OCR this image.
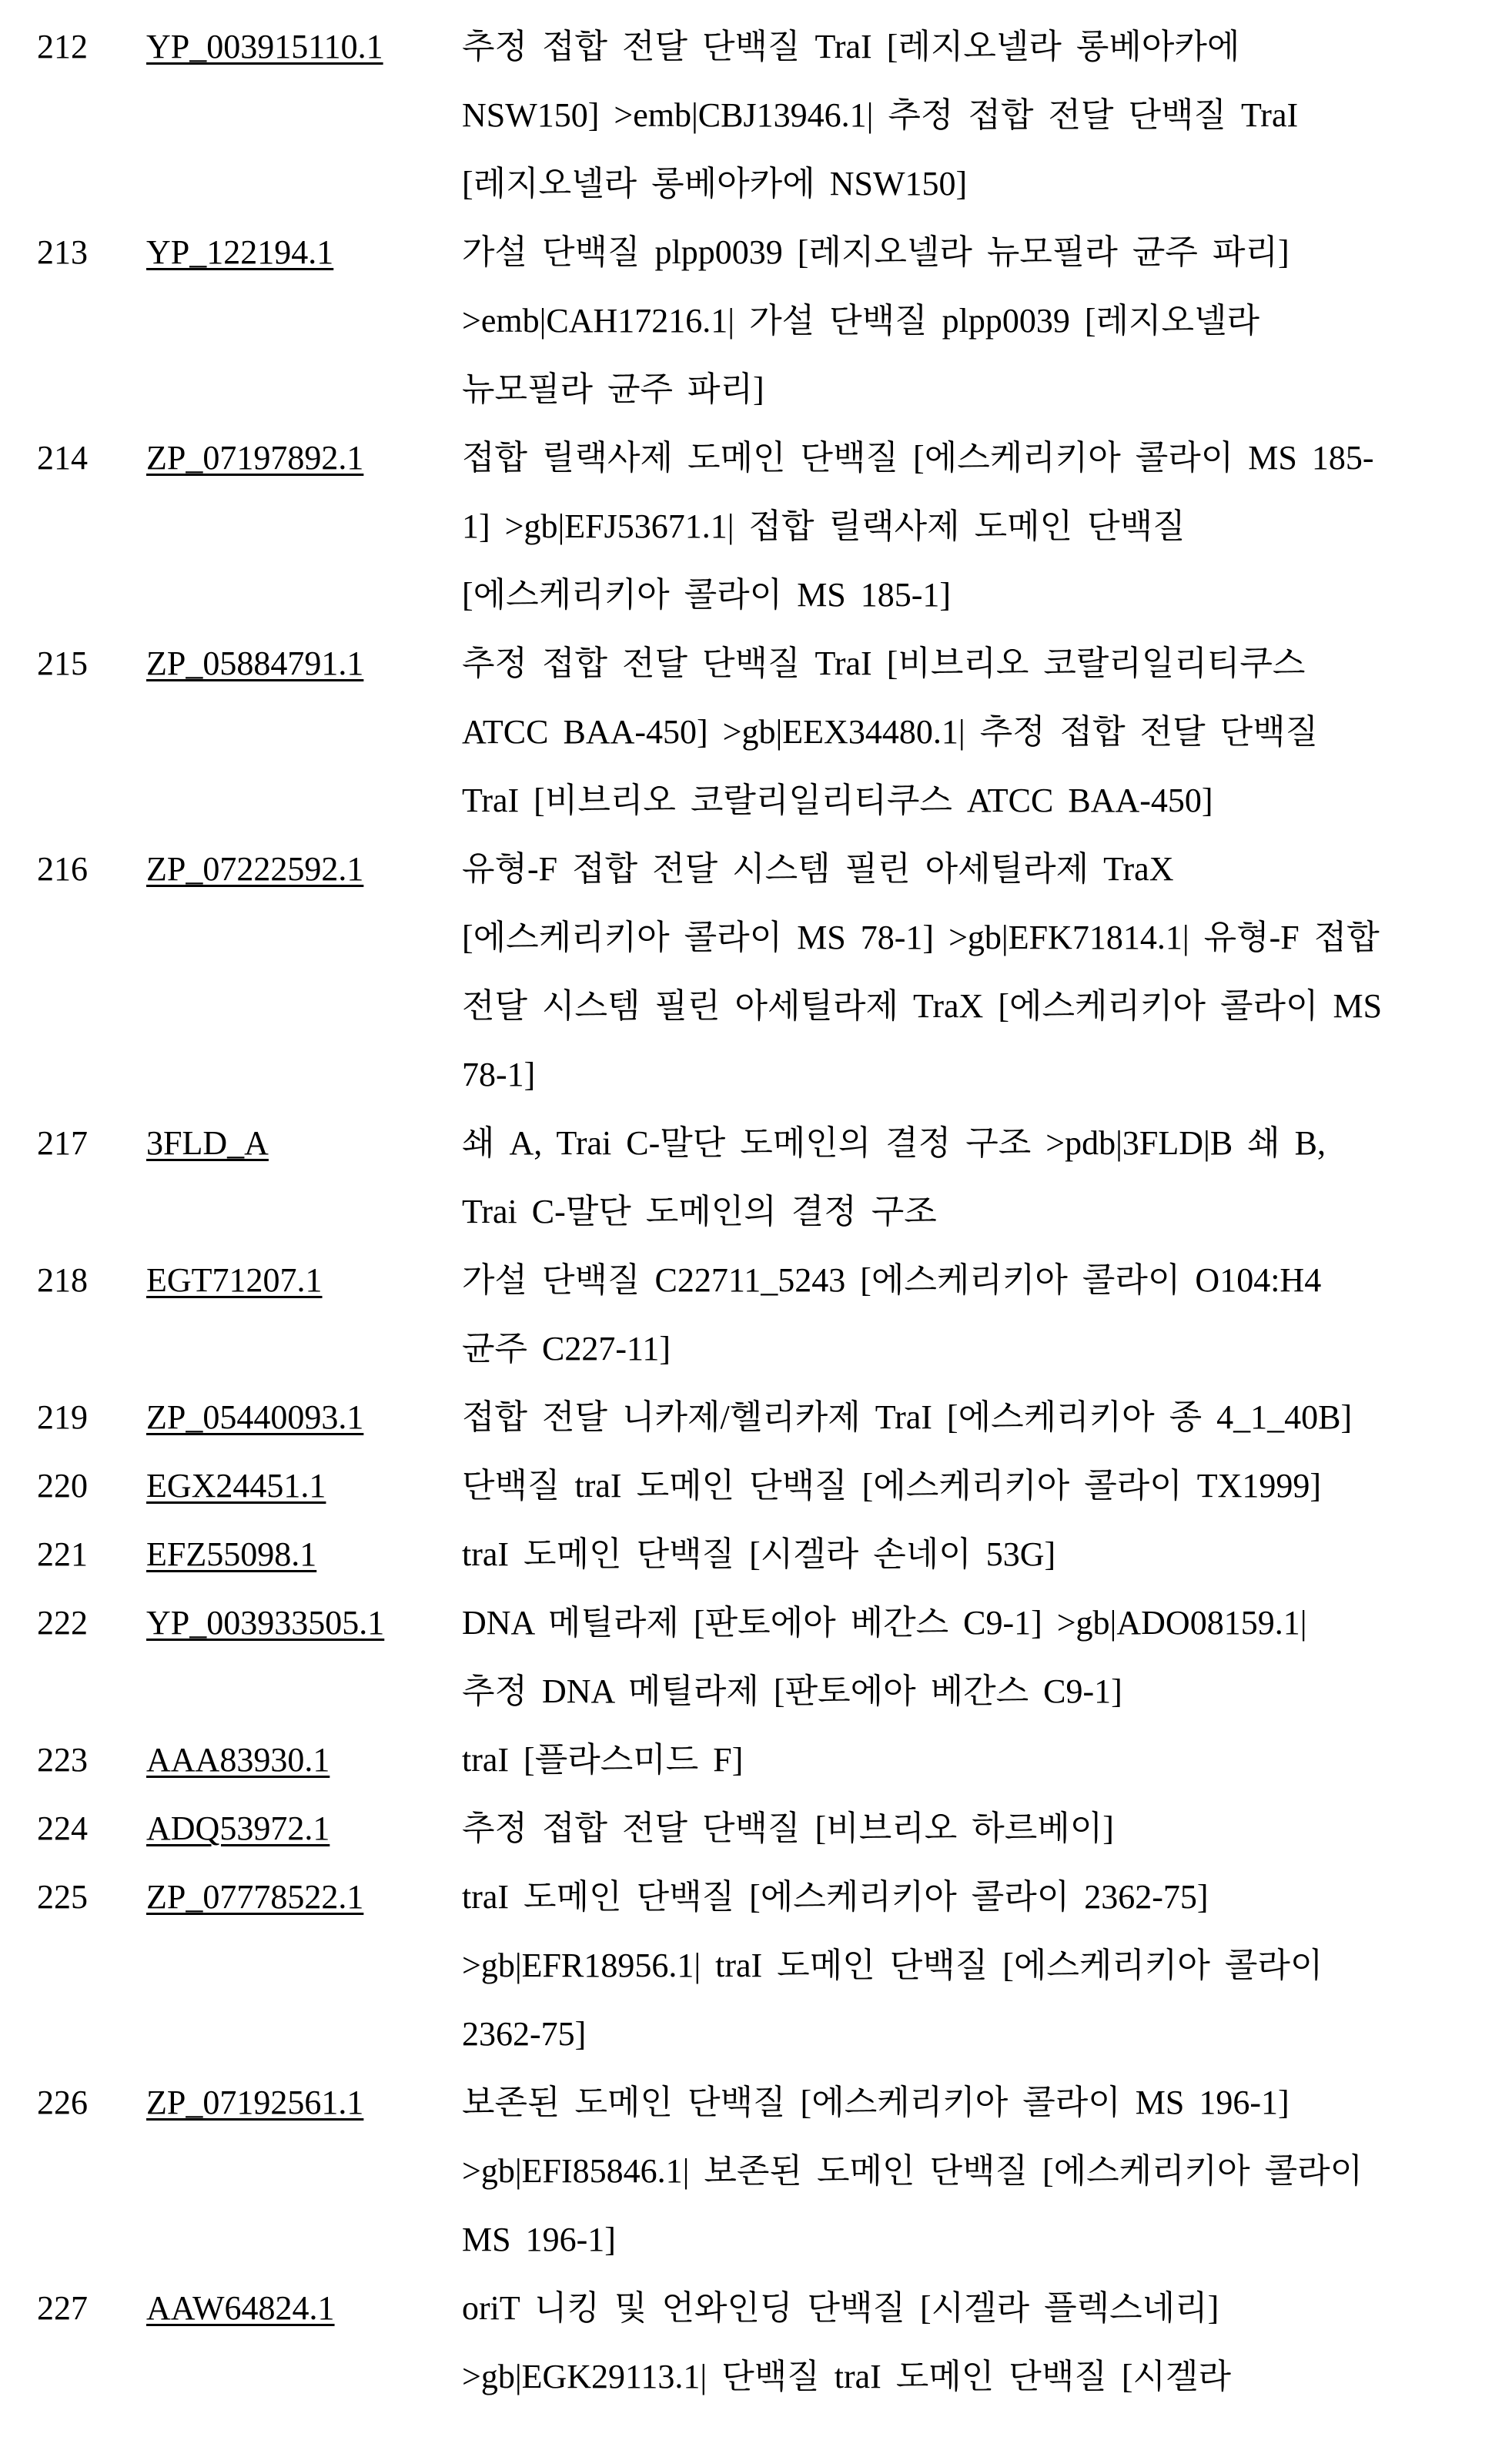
212	YP_003915110.1	추정 접합 전달 단백질 TraI [레지오넬라 롱베아카에
NSW150] >emb|CBJ13946.1| 추정 접합 전달 단백질 TraI
[레지오넬라 롱베아카에 NSW150]
213	YP_122194.1	가설 단백질 plpp0039 [레지오넬라 뉴모필라 균주 파리]
>emb|CAH17216.1| 가설 단백질 plpp0039 [레지오넬라
뉴모필라 균주 파리]
214	ZP_07197892.1	접합 릴랙사제 도메인 단백질 [에스케리키아 콜라이 MS 185-
1] >gb|EFJ53671.1| 접합 릴랙사제 도메인 단백질
[에스케리키아 콜라이 MS 185-1]
215	ZP_05884791.1	추정 접합 전달 단백질 TraI [비브리오 코랄리일리티쿠스
ATCC BAA-450] >gb|EEX34480.1| 추정 접합 전달 단백질
TraI [비브리오 코랄리일리티쿠스 ATCC BAA-450]
216	ZP_07222592.1	유형-F 접합 전달 시스템 필린 아세틸라제 TraX
[에스케리키아 콜라이 MS 78-1] >gb|EFK71814.1| 유형-F 접합
전달 시스템 필린 아세틸라제 TraX [에스케리키아 콜라이 MS
78-1]
217	3FLD_A	쇄 A, Trai C-말단 도메인의 결정 구조 >pdb|3FLD|B 쇄 B,
Trai C-말단 도메인의 결정 구조
218	EGT71207.1	가설 단백질 C22711_5243 [에스케리키아 콜라이 O104:H4
균주 C227-11]
219	ZP_05440093.1	접합 전달 니카제/헬리카제 TraI [에스케리키아 종 4_1_40B]
220	EGX24451.1	단백질 traI 도메인 단백질 [에스케리키아 콜라이 TX1999]
221	EFZ55098.1	traI 도메인 단백질 [시겔라 손네이 53G]
222	YP_003933505.1	DNA 메틸라제 [판토에아 베간스 C9-1] >gb|ADO08159.1|
추정 DNA 메틸라제 [판토에아 베간스 C9-1]
223	AAA83930.1	traI [플라스미드 F]
224	ADQ53972.1	추정 접합 전달 단백질 [비브리오 하르베이]
225	ZP_07778522.1	traI 도메인 단백질 [에스케리키아 콜라이 2362-75]
>gb|EFR18956.1| traI 도메인 단백질 [에스케리키아 콜라이
2362-75]
226	ZP_07192561.1	보존된 도메인 단백질 [에스케리키아 콜라이 MS 196-1]
>gb|EFI85846.1| 보존된 도메인 단백질 [에스케리키아 콜라이
MS 196-1]
227	AAW64824.1	oriT 니킹 및 언와인딩 단백질 [시겔라 플렉스네리]
>gb|EGK29113.1| 단백질 traI 도메인 단백질 [시겔라
